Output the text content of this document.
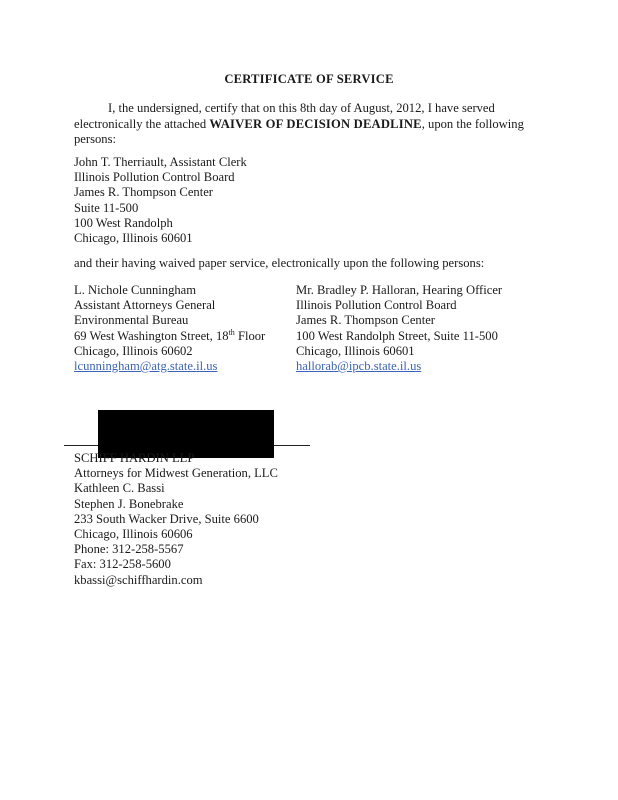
CERTIFICATE OF SERVICE
I, the undersigned, certify that on this 8th day of August, 2012, I have served
electronically the attached WAIVER OF DECISION DEADLINE, upon the following
persons:
John T. Therriault, Assistant Clerk
Illinois Pollution Control Board
James R. Thompson Center
Suite 11-500
100 West Randolph
Chicago, Illinois 60601
and their having waived paper service, electronically upon the following persons:
L. Nichole Cunningham
Assistant Attorneys General
Environmental Bureau
69 West Washington Street, 18th Floor
Chicago, Illinois 60602
lcunningham@atg.state.il.us
Mr. Bradley P. Halloran, Hearing Officer
Illinois Pollution Control Board
James R. Thompson Center
100 West Randolph Street, Suite 11-500
Chicago, Illinois 60601
hallorab@ipcb.state.il.us
SCHIFF HARDIN LLP
Attorneys for Midwest Generation, LLC
Kathleen C. Bassi
Stephen J. Bonebrake
233 South Wacker Drive, Suite 6600
Chicago, Illinois 60606
Phone: 312-258-5567
Fax: 312-258-5600
kbassi@schiffhardin.com
